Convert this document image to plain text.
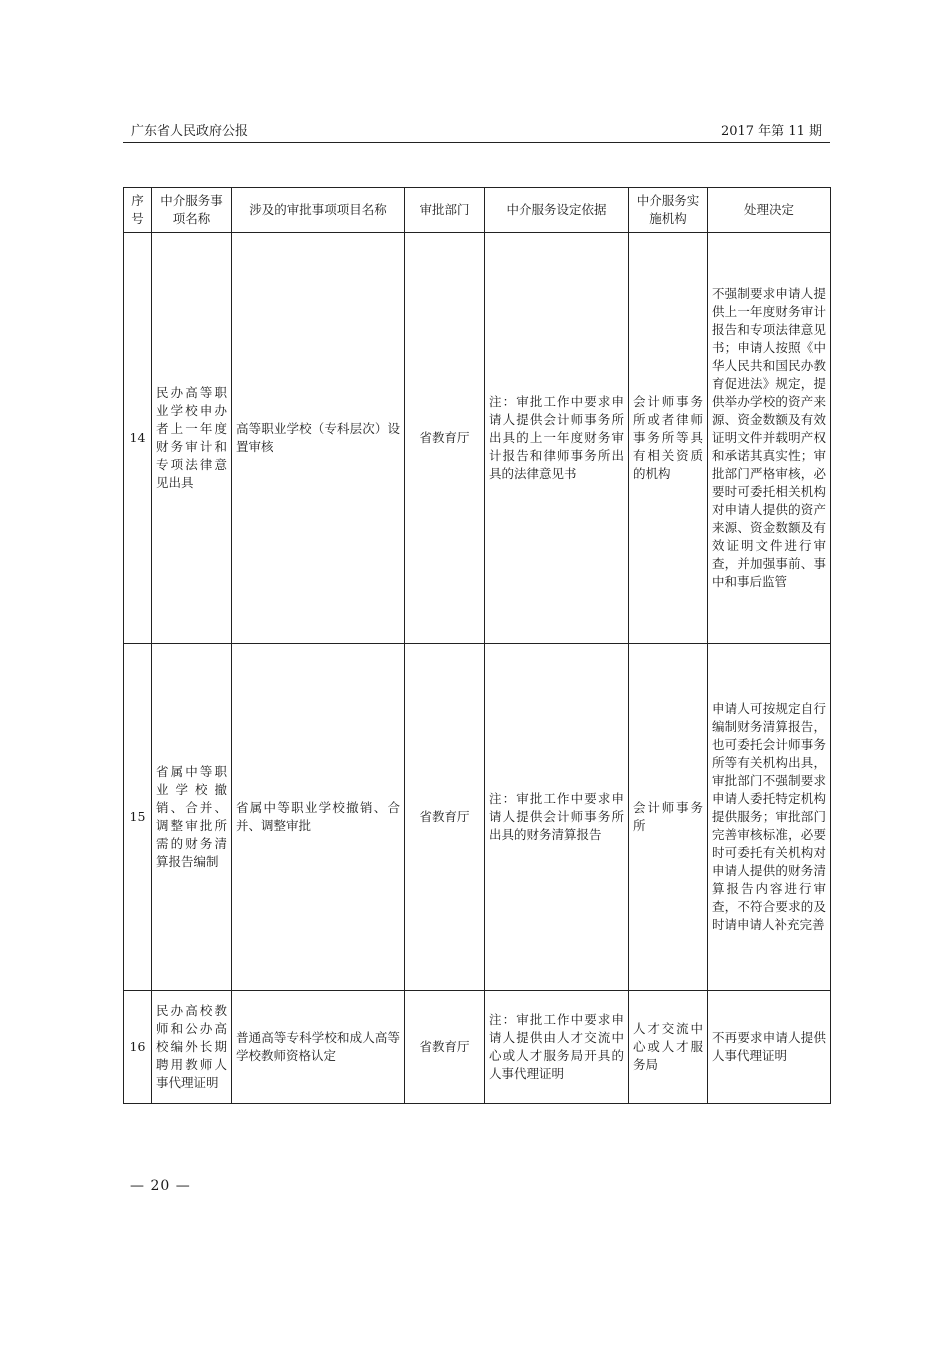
广东省人民政府公报	2017 年第 11 期
序号	中介服务事项名称	涉及的审批事项项目名称	审批部门	中介服务设定依据	中介服务实施机构	处理决定
14	民办高等职业学校申办者上一年度财务审计和专项法律意见出具	高等职业学校（专科层次）设置审核	省教育厅	注：审批工作中要求申请人提供会计师事务所出具的上一年度财务审计报告和律师事务所出具的法律意见书	会计师事务所或者律师事务所等具有相关资质的机构	不强制要求申请人提供上一年度财务审计报告和专项法律意见书；申请人按照《中华人民共和国民办教育促进法》规定，提供举办学校的资产来源、资金数额及有效证明文件并载明产权和承诺其真实性；审批部门严格审核，必要时可委托相关机构对申请人提供的资产来源、资金数额及有效证明文件进行审查，并加强事前、事中和事后监管
15	省属中等职业学校撤销、合并、调整审批所需的财务清算报告编制	省属中等职业学校撤销、合并、调整审批	省教育厅	注：审批工作中要求申请人提供会计师事务所出具的财务清算报告	会计师事务所	申请人可按规定自行编制财务清算报告，也可委托会计师事务所等有关机构出具，审批部门不强制要求申请人委托特定机构提供服务；审批部门完善审核标准，必要时可委托有关机构对申请人提供的财务清算报告内容进行审查，不符合要求的及时请申请人补充完善
16	民办高校教师和公办高校编外长期聘用教师人事代理证明	普通高等专科学校和成人高等学校教师资格认定	省教育厅	注：审批工作中要求申请人提供由人才交流中心或人才服务局开具的人事代理证明	人才交流中心或人才服务局	不再要求申请人提供人事代理证明
— 20 —
